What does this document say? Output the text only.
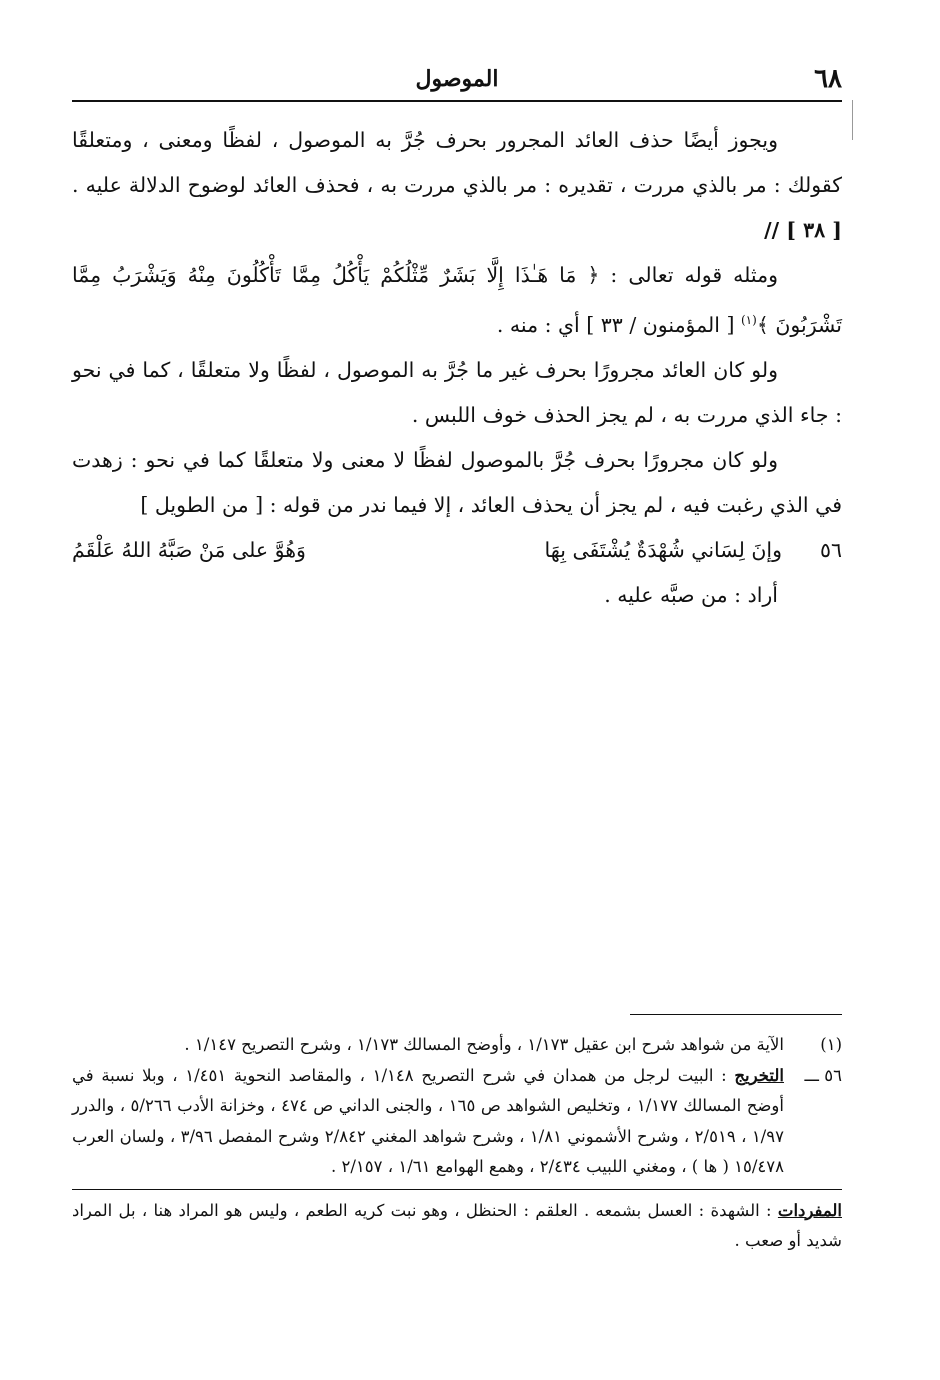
٦٨
الموصول

ويجوز أيضًا حذف العائد المجرور بحرف جُرَّ به الموصول ، لفظًا ومعنى ، ومتعلقًا كقولك : مر بالذي مررت ، تقديره : مر بالذي مررت به ، فحذف العائد لوضوح الدلالة عليه . [ ٣٨ ] //

ومثله قوله تعالى : ﴿ مَا هَـٰذَا إِلَّا بَشَرٌ مِّثْلُكُمْ يَأْكُلُ مِمَّا تَأْكُلُونَ مِنْهُ وَيَشْرَبُ مِمَّا تَشْرَبُونَ ﴾$^{(١)}$ [ المؤمنون / ٣٣ ] أي : منه .

ولو كان العائد مجرورًا بحرف غير ما جُرَّ به الموصول ، لفظًا ولا متعلقًا ، كما في نحو : جاء الذي مررت به ، لم يجز الحذف خوف اللبس .

ولو كان مجرورًا بحرف جُرَّ بالموصول لفظًا لا معنى ولا متعلقًا كما في نحو : زهدت في الذي رغبت فيه ، لم يجز أن يحذف العائد ، إلا فيما ندر من قوله : [ من الطويل ]

٥٦
وإنَ لِسَاني شُهْدَةٌ يُشْتَفَى بِهَا
وَهُوَّ على مَنْ صَبَّهُ اللهُ عَلْقَمُ

أراد : من صبَّه عليه .

(١)
الآية من شواهد شرح ابن عقيل ١/١٧٣ ، وأوضح المسالك ١/١٧٣ ، وشرح التصريح ١/١٤٧ .
٥٦ ـــ
التخريج : البيت لرجل من همدان في شرح التصريح ١/١٤٨ ، والمقاصد النحوية ١/٤٥١ ، وبلا نسبة في أوضح المسالك ١/١٧٧ ، وتخليص الشواهد ص ١٦٥ ، والجنى الداني ص ٤٧٤ ، وخزانة الأدب ٥/٢٦٦ ، والدرر ١/٩٧ ، ٢/٥١٩ ، وشرح الأشموني ١/٨١ ، وشرح شواهد المغني ٢/٨٤٢ وشرح المفصل ٣/٩٦ ، ولسان العرب ١٥/٤٧٨ ( ها ) ، ومغني اللبيب ٢/٤٣٤ ، وهمع الهوامع ١/٦١ ، ٢/١٥٧ .
المفردات : الشهدة : العسل بشمعه . العلقم : الحنظل ، وهو نبت كريه الطعم ، وليس هو المراد هنا ، بل المراد شديد أو صعب .
